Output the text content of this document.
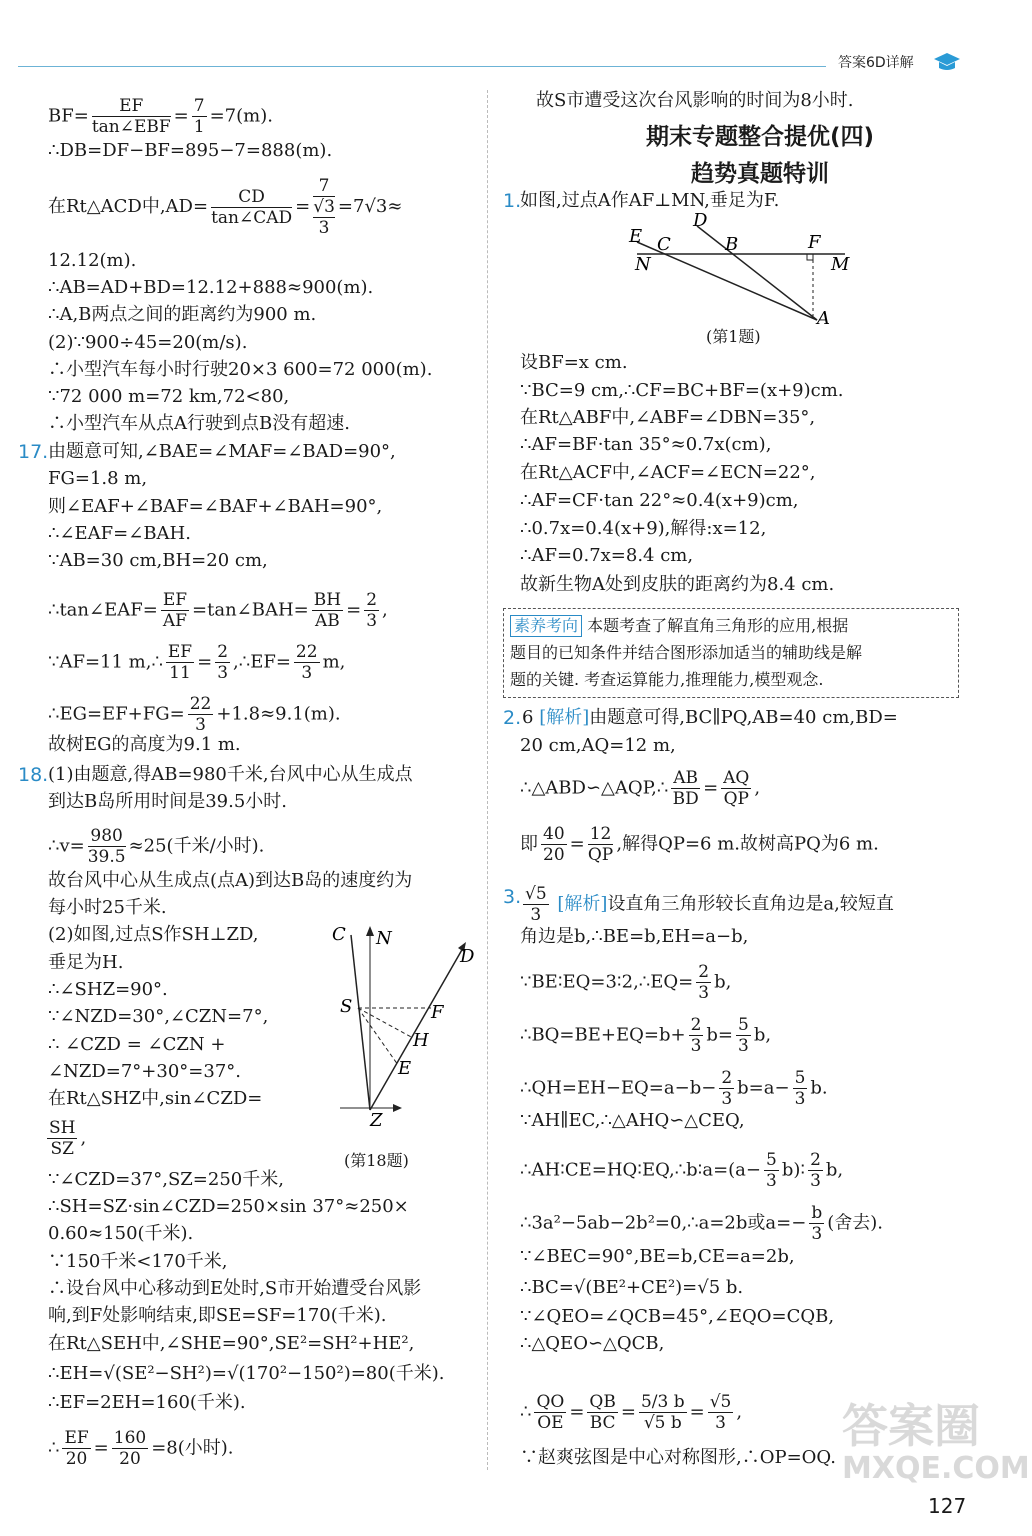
答案6D详解
$BF= \frac{EF}{\text{tan∠EBF}} = \frac{7}{1} =7(m)$.
∴DB=DF−BF=895−7=888(m).
在Rt△ACD中$,AD= \frac{CD}{\text{tan∠CAD}}$ =
7
√3
3
=7√3≈
12.12(m).
∴AB=AD+BD=12.12+888≈900(m).
∴A,B两点之间的距离约为900 m.
(2)∵900÷45=20(m/s).
∴小型汽车每小时行驶20×3 600=72 000(m).
∵72 000 m=72 km,72<80,
∴小型汽车从点A行驶到点B没有超速.
17. 由题意可知,∠BAE=∠MAF=∠BAD=90°,
FG=1.8 m,
则∠EAF+∠BAF=∠BAF+∠BAH=90°,
∴∠EAF=∠BAH.
∵AB=30 cm,BH=20 cm,
∴tan∠EAF= $\frac{EF}{AF}$ =tan∠BAH= $\frac{BH}{AB} = \frac{2}{3}$ ,
∵AF=11 m,∴ $\frac{EF}{11} = \frac{2}{3}$ ,∴EF= $\frac{22}{3} m$,
∴EG=EF+FG= $\frac{22}{3} +1.8\approx 9.1(m)$.
故树EG的高度为9.1 m.
18. (1)由题意,得AB=980千米,台风中心从生成点
到达B岛所用时间是39.5小时.
∴v= $\frac{980}{39.5} \approx 25$(千米/小时).
故台风中心从生成点(点A)到达B岛的速度约为
每小时25千米.
(2)如图,过点S作SH⊥ZD,
垂足为H.
∴∠SHZ=90°.
∵∠NZD=30°,∠CZN=7°,
∴ ∠CZD = ∠CZN +
∠NZD=7°+30°=37°.
在Rt△SHZ中,sin∠CZD=
$\frac{SH}{SZ}$ ,
∵∠CZD=37°,SZ=250千米,
∴SH=SZ·sin∠CZD=250×sin 37°≈250×
0.60≈150(千米).
∵150千米<170千米,
∴设台风中心移动到E处时,S市开始遭受台风影
响,到F处影响结束,即SE=SF=170(千米).
在Rt△SEH中,∠SHE=90°,SE²=SH²+HE²,
∴EH=√(SE²−SH²)=√(170²−150²)=80(千米).
∴EF=2EH=160(千米).
∴ $\frac{EF}{20} = \frac{160}{20} =8$(小时).
C N
D
S	F
H
E
Z
(第18题)
故S市遭受这次台风影响的时间为8小时.
期末专题整合提优(四)
趋势真题特训
1.
如图,过点A作AF⊥MN,垂足为F.
D
E C	B	F
N	M
A
(第1题)
设BF=x cm.
∵BC=9 cm,∴CF=BC+BF=(x+9)cm.
在Rt△ABF中,∠ABF=∠DBN=35°,
∴AF=BF·tan 35°≈0.7x(cm),
在Rt△ACF中,∠ACF=∠ECN=22°,
∴AF=CF·tan 22°≈0.4(x+9)cm,
∴0.7x=0.4(x+9),解得:x=12,
∴AF=0.7x=8.4 cm,
故新生物A处到皮肤的距离约为8.4 cm.
素养考向 本题考查了解直角三角形的应用,根据
题目的已知条件并结合图形添加适当的辅助线是解
题的关键. 考查运算能力,推理能力,模型观念.
2. 6 [解析]由题意可得,BC∥PQ,AB=40 cm,BD=
20 cm,AQ=12 m,
∴△ABD∽△AQP,∴ $\frac{AB}{BD} = \frac{AQ}{QP}$ ,
即 $\frac{40}{20} = \frac{12}{QP}$ ,解得QP=6 m.故树高PQ为6 m.
3. $\frac{√5}{3}$ [解析]设直角三角形较长直角边是a,较短直
角边是b,∴BE=b,EH=a−b,
∵BE∶EQ=3∶2,∴EQ= $\frac{2}{3} b$,
∴BQ=BE+EQ=b+ $\frac{2}{3} b= \frac{5}{3} b$,
∴QH=EH−EQ=a−b− $\frac{2}{3} b=a- \frac{5}{3} b$.
∵AH∥EC,∴△AHQ∽△CEQ,
∴AH∶CE=HQ∶EQ,∴b∶a=(a− $\frac{5}{3}$ b)∶ $\frac{2}{3} b$,
∴3a²−5ab−2b²=0,∴a=2b或$a=- \frac{b}{3}$ (舍去).
∵∠BEC=90°,BE=b,CE=a=2b,
∴BC=√(BE²+CE²)=√5 b.
∵∠QEO=∠QCB=45°,∠EQO=CQB,
∴△QEO∽△QCB,
∴ $\frac{QO}{OE} = \frac{QB}{BC} = \frac{5/3 b}{√5 b} = \frac{√5}{3}$ ,
∵赵爽弦图是中心对称图形,∴OP=OQ.
答案圈
MXQE.COM
127
